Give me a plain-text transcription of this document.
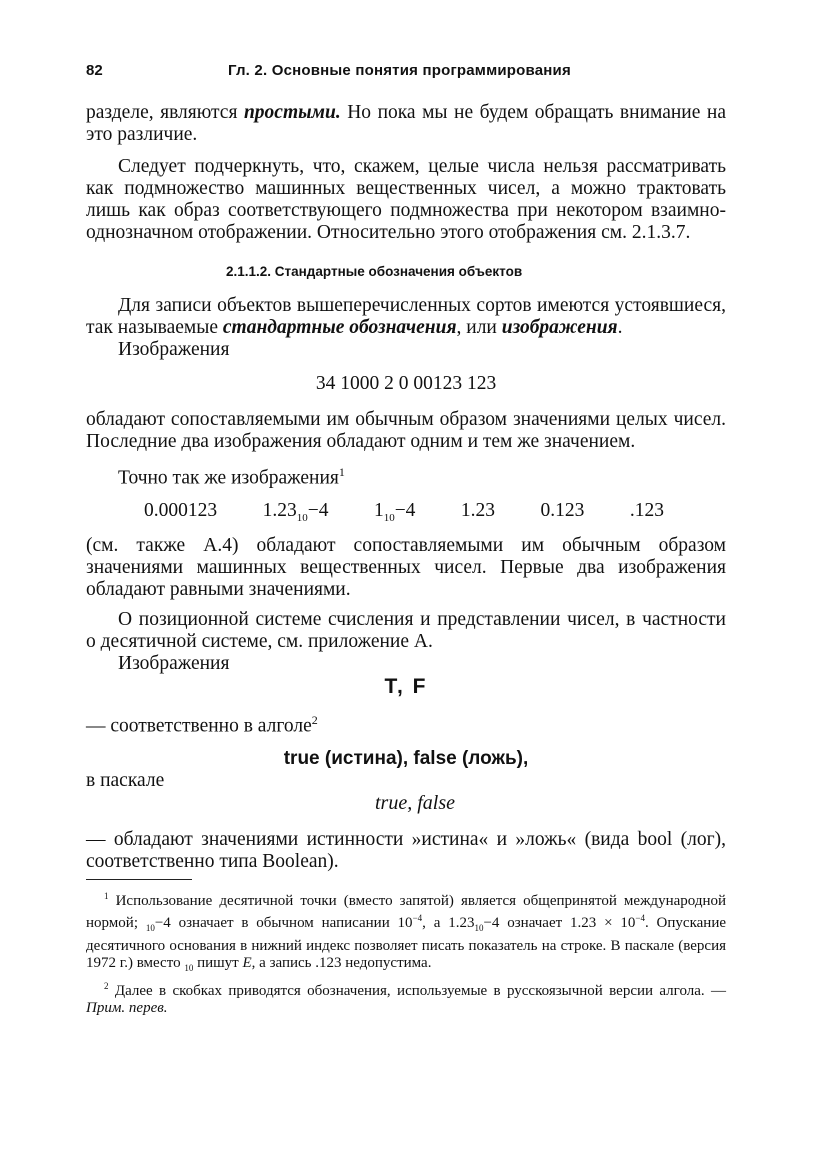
82	Гл. 2. Основные понятия программирования

разделе, являются простыми. Но пока мы не будем обращать внимание на это различие.

Следует подчеркнуть, что, скажем, целые числа нельзя рассматривать как подмножество машинных вещественных чисел, а можно трактовать лишь как образ соответствующего подмножества при некотором взаимно-однозначном отображении. Относительно этого отображения см. 2.1.3.7.

2.1.1.2. Стандартные обозначения объектов

Для записи объектов вышеперечисленных сортов имеются устоявшиеся, так называемые стандартные обозначения, или изображения.

Изображения

34 1000 2 0 00123 123

обладают сопоставляемыми им обычным образом значениями целых чисел. Последние два изображения обладают одним и тем же значением.

Точно так же изображения$^1$

0.000123 $1.23_{10}-4$ $1_{10}-4$ 1.23 0.123 .123

(см. также A.4) обладают сопоставляемыми им обычным образом значениями машинных вещественных чисел. Первые два изображения обладают равными значениями.

О позиционной системе счисления и представлении чисел, в частности о десятичной системе, см. приложение A.

Изображения

T, F

— соответственно в алголе$^2$

true (истина), false (ложь),

в паскале

true, false

— обладают значениями истинности »истина« и »ложь« (вида bool (лог), соответственно типа Boolean).

$^1$ Использование десятичной точки (вместо запятой) является общепринятой международной нормой; $_{10}$−4 означает в обычном написании $10^{-4}$, а $1.23_{10}-4$ означает $1.23 \times 10^{-4}$. Опускание десятичного основания в нижний индекс позволяет писать показатель на строке. В паскале (версия 1972 г.) вместо $_{10}$ пишут E, а запись .123 недопустима.

$^2$ Далее в скобках приводятся обозначения, используемые в русскоязычной версии алгола. — Прим. перев.
